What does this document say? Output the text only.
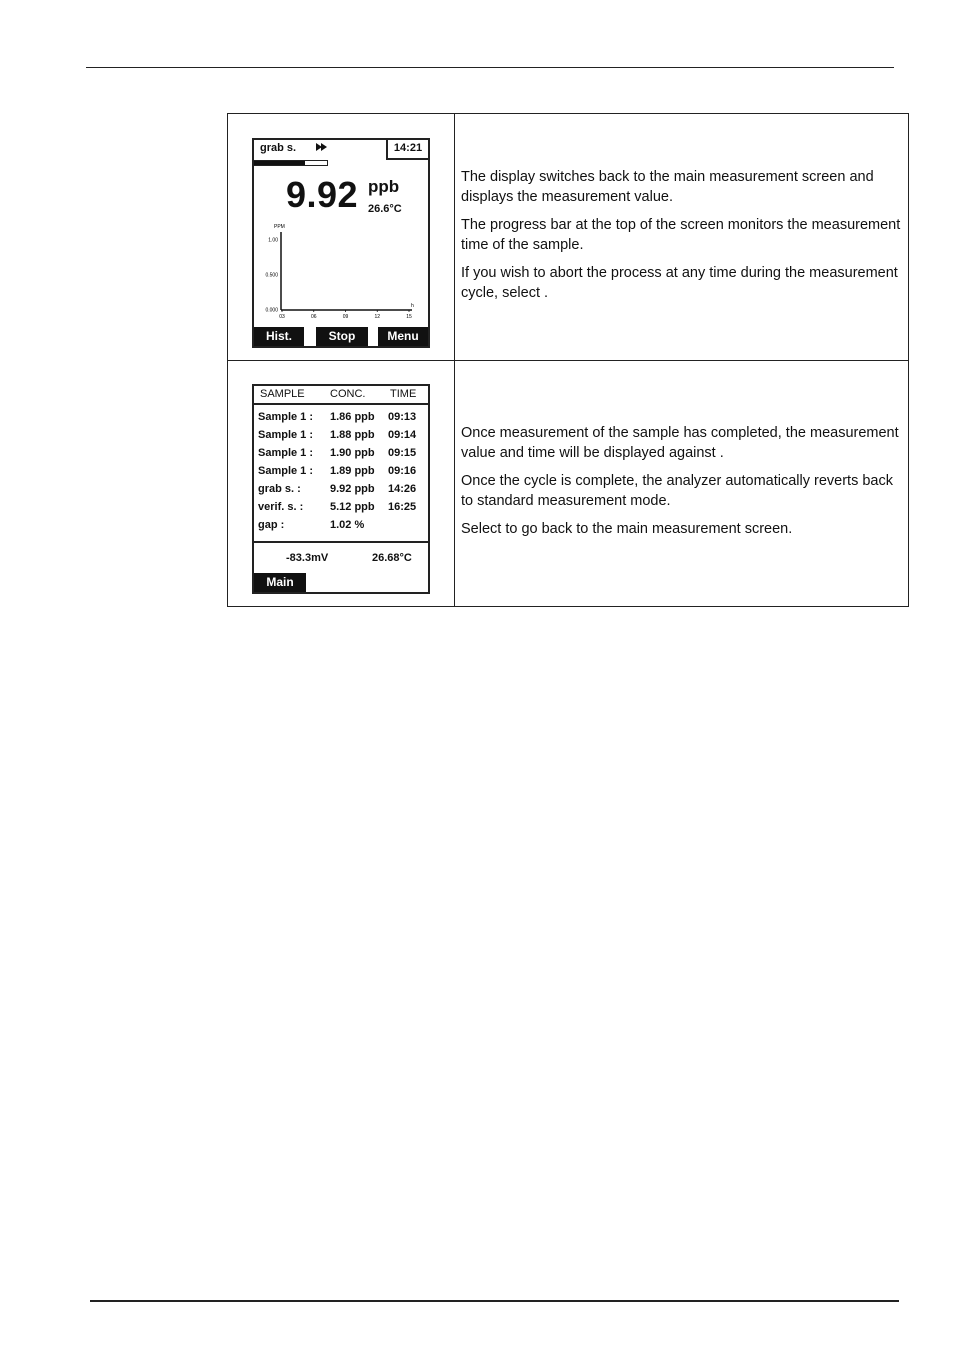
grab s.	14:21
9.92 ppb
26.6°C
PPM
h
1.00
0.500
0.000
03	06	09	12	15
Hist.	Stop	Menu

The display switches back to the main measurement screen and displays the measurement value.

The progress bar at the top of the screen monitors the measurement time of the sample.

If you wish to abort the process at any time during the measurement cycle, select .

SAMPLE CONC. TIME
Sample 1 : 1.86 ppb 09:13
Sample 1 : 1.88 ppb 09:14
Sample 1 : 1.90 ppb 09:15
Sample 1 : 1.89 ppb 09:16
grab s. :	9.92 ppb 14:26
verif. s. : 5.12 ppb 16:25
gap :	1.02 %
-83.3mV	26.68°C
Main

Once measurement of the sample has completed, the measurement value and time will be displayed against .

Once the cycle is complete, the analyzer automatically reverts back to standard measurement mode.

Select to go back to the main measurement screen.
